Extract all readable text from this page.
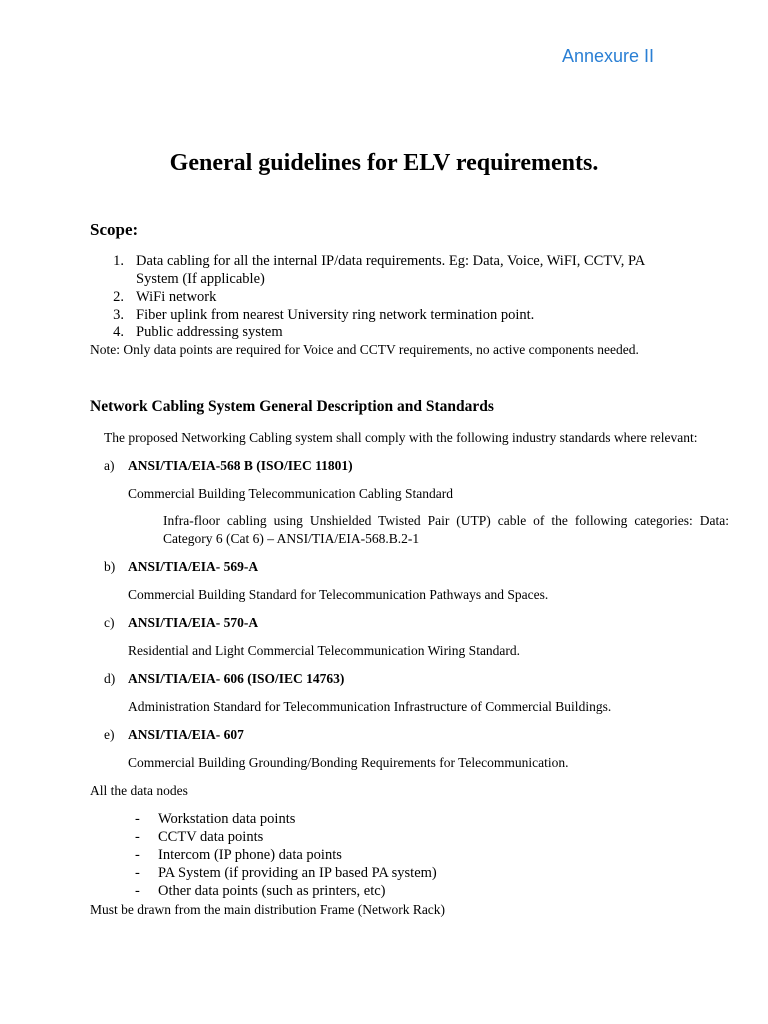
Annexure II
General guidelines for ELV requirements.
Scope:
1. Data cabling for all the internal IP/data requirements. Eg: Data, Voice, WiFI, CCTV, PA
System (If applicable)
2. WiFi network
3. Fiber uplink from nearest University ring network termination point.
4. Public addressing system
Note: Only data points are required for Voice and CCTV requirements, no active components needed.
Network Cabling System General Description and Standards
The proposed Networking Cabling system shall comply with the following industry standards where relevant:
a) ANSI/TIA/EIA-568 B (ISO/IEC 11801)
Commercial Building Telecommunication Cabling Standard
Infra-floor cabling using Unshielded Twisted Pair (UTP) cable of the following categories: Data: Category 6 (Cat 6) – ANSI/TIA/EIA-568.B.2-1
b) ANSI/TIA/EIA- 569-A
Commercial Building Standard for Telecommunication Pathways and Spaces.
c) ANSI/TIA/EIA- 570-A
Residential and Light Commercial Telecommunication Wiring Standard.
d) ANSI/TIA/EIA- 606 (ISO/IEC 14763)
Administration Standard for Telecommunication Infrastructure of Commercial Buildings.
e) ANSI/TIA/EIA- 607
Commercial Building Grounding/Bonding Requirements for Telecommunication.
All the data nodes
- Workstation data points
- CCTV data points
- Intercom (IP phone) data points
- PA System (if providing an IP based PA system)
- Other data points (such as printers, etc)
Must be drawn from the main distribution Frame (Network Rack)
